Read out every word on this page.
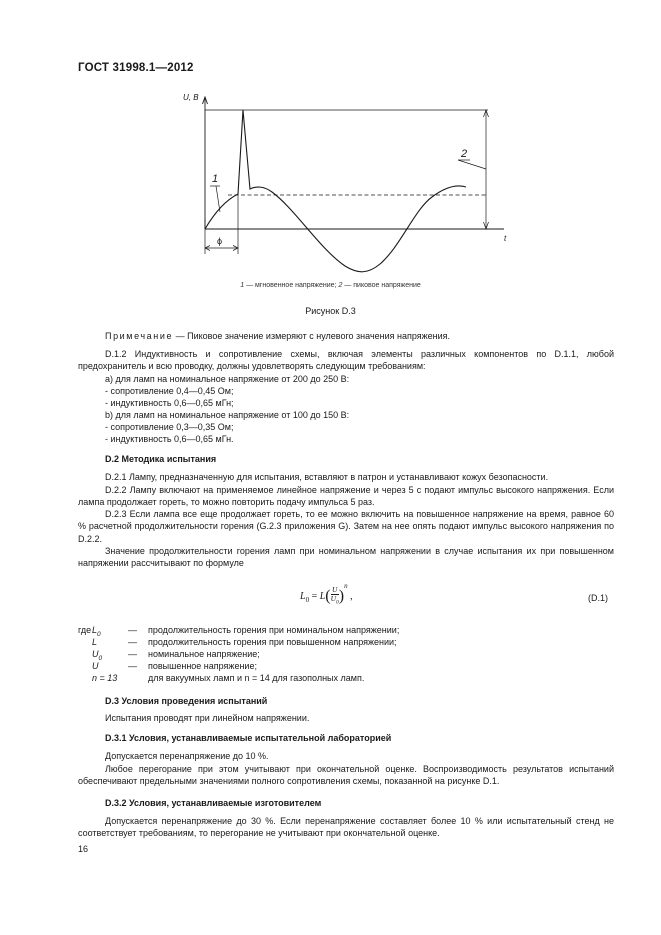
ГОСТ 31998.1—2012
U, В
t
ϕ
1
2
1 — мгновенное напряжение; 2 — пиковое напряжение
Рисунок D.3
Примечание — Пиковое значение измеряют с нулевого значения напряжения.
D.1.2 Индуктивность и сопротивление схемы, включая элементы различных компонентов по D.1.1, любой предохранитель и всю проводку, должны удовлетворять следующим требованиям:
a) для ламп на номинальное напряжение от 200 до 250 В:
- сопротивление 0,4—0,45 Ом;
- индуктивность 0,6—0,65 мГн;
b) для ламп на номинальное напряжение от 100 до 150 В:
- сопротивление 0,3—0,35 Ом;
- индуктивность 0,6—0,65 мГн.
D.2 Методика испытания
D.2.1 Лампу, предназначенную для испытания, вставляют в патрон и устанавливают кожух безопасности.
D.2.2 Лампу включают на применяемое линейное напряжение и через 5 с подают импульс высокого напряжения. Если лампа продолжает гореть, то можно повторить подачу импульса 5 раз.
D.2.3 Если лампа все еще продолжает гореть, то ее можно включить на повышенное напряжение на время, равное 60 % расчетной продолжительности горения (G.2.3 приложения G). Затем на нее опять подают импульс высокого напряжения по D.2.2.
Значение продолжительности горения ламп при номинальном напряжении в случае испытания их при повышенном напряжении рассчитывают по формуле
$L_0 = L( \frac{U}{U_0} )^n$ ,	(D.1)
где $L_0$	— продолжительность горения при номинальном напряжении;
L	— продолжительность горения при повышенном напряжении;
$U_0$	— номинальное напряжение;
U	— повышенное напряжение;
n = 13	для вакуумных ламп и n = 14 для газополных ламп.
D.3 Условия проведения испытаний
Испытания проводят при линейном напряжении.
D.3.1 Условия, устанавливаемые испытательной лабораторией
Допускается перенапряжение до 10 %.
Любое перегорание при этом учитывают при окончательной оценке. Воспроизводимость результатов испытаний обеспечивают предельными значениями полного сопротивления схемы, показанной на рисунке D.1.
D.3.2 Условия, устанавливаемые изготовителем
Допускается перенапряжение до 30 %. Если перенапряжение составляет более 10 % или испытательный стенд не соответствует требованиям, то перегорание не учитывают при окончательной оценке.
16
